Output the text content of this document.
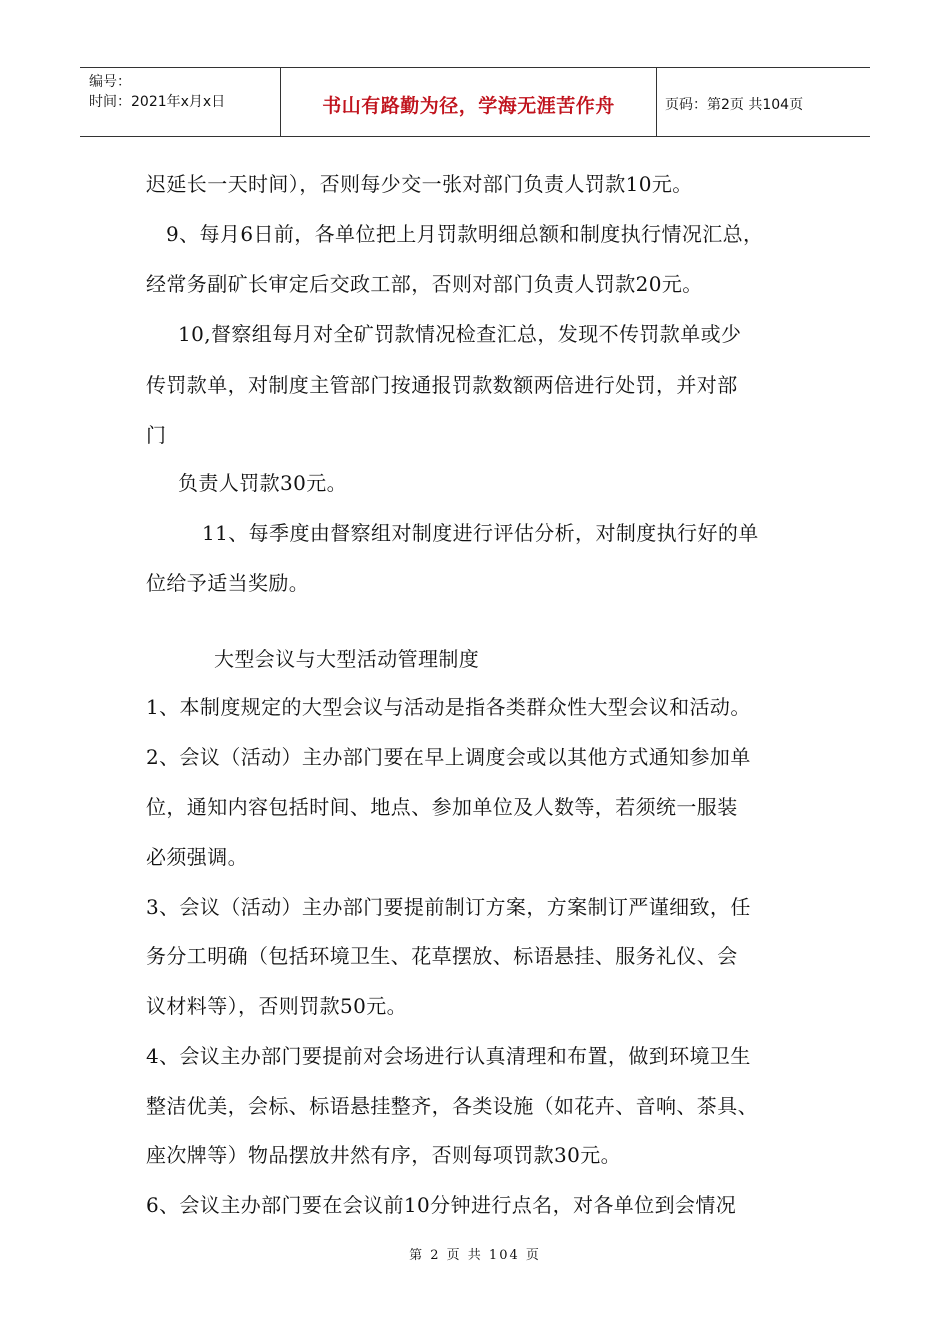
编号：
时间：2021年x月x日	书山有路勤为径，学海无涯苦作舟	页码：第2页 共104页
迟延长一天时间），否则每少交一张对部门负责人罚款10元。
9、每月6日前，各单位把上月罚款明细总额和制度执行情况汇总，
经常务副矿长审定后交政工部，否则对部门负责人罚款20元。
10,督察组每月对全矿罚款情况检查汇总，发现不传罚款单或少
传罚款单，对制度主管部门按通报罚款数额两倍进行处罚，并对部
门
负责人罚款30元。
11、每季度由督察组对制度进行评估分析，对制度执行好的单
位给予适当奖励。
大型会议与大型活动管理制度
1、本制度规定的大型会议与活动是指各类群众性大型会议和活动。
2、会议（活动）主办部门要在早上调度会或以其他方式通知参加单
位，通知内容包括时间、地点、参加单位及人数等，若须统一服装
必须强调。
3、会议（活动）主办部门要提前制订方案，方案制订严谨细致，任
务分工明确（包括环境卫生、花草摆放、标语悬挂、服务礼仪、会
议材料等），否则罚款50元。
4、会议主办部门要提前对会场进行认真清理和布置，做到环境卫生
整洁优美，会标、标语悬挂整齐，各类设施（如花卉、音响、茶具、
座次牌等）物品摆放井然有序，否则每项罚款30元。
6、会议主办部门要在会议前10分钟进行点名，对各单位到会情况
第 2 页 共 104 页
